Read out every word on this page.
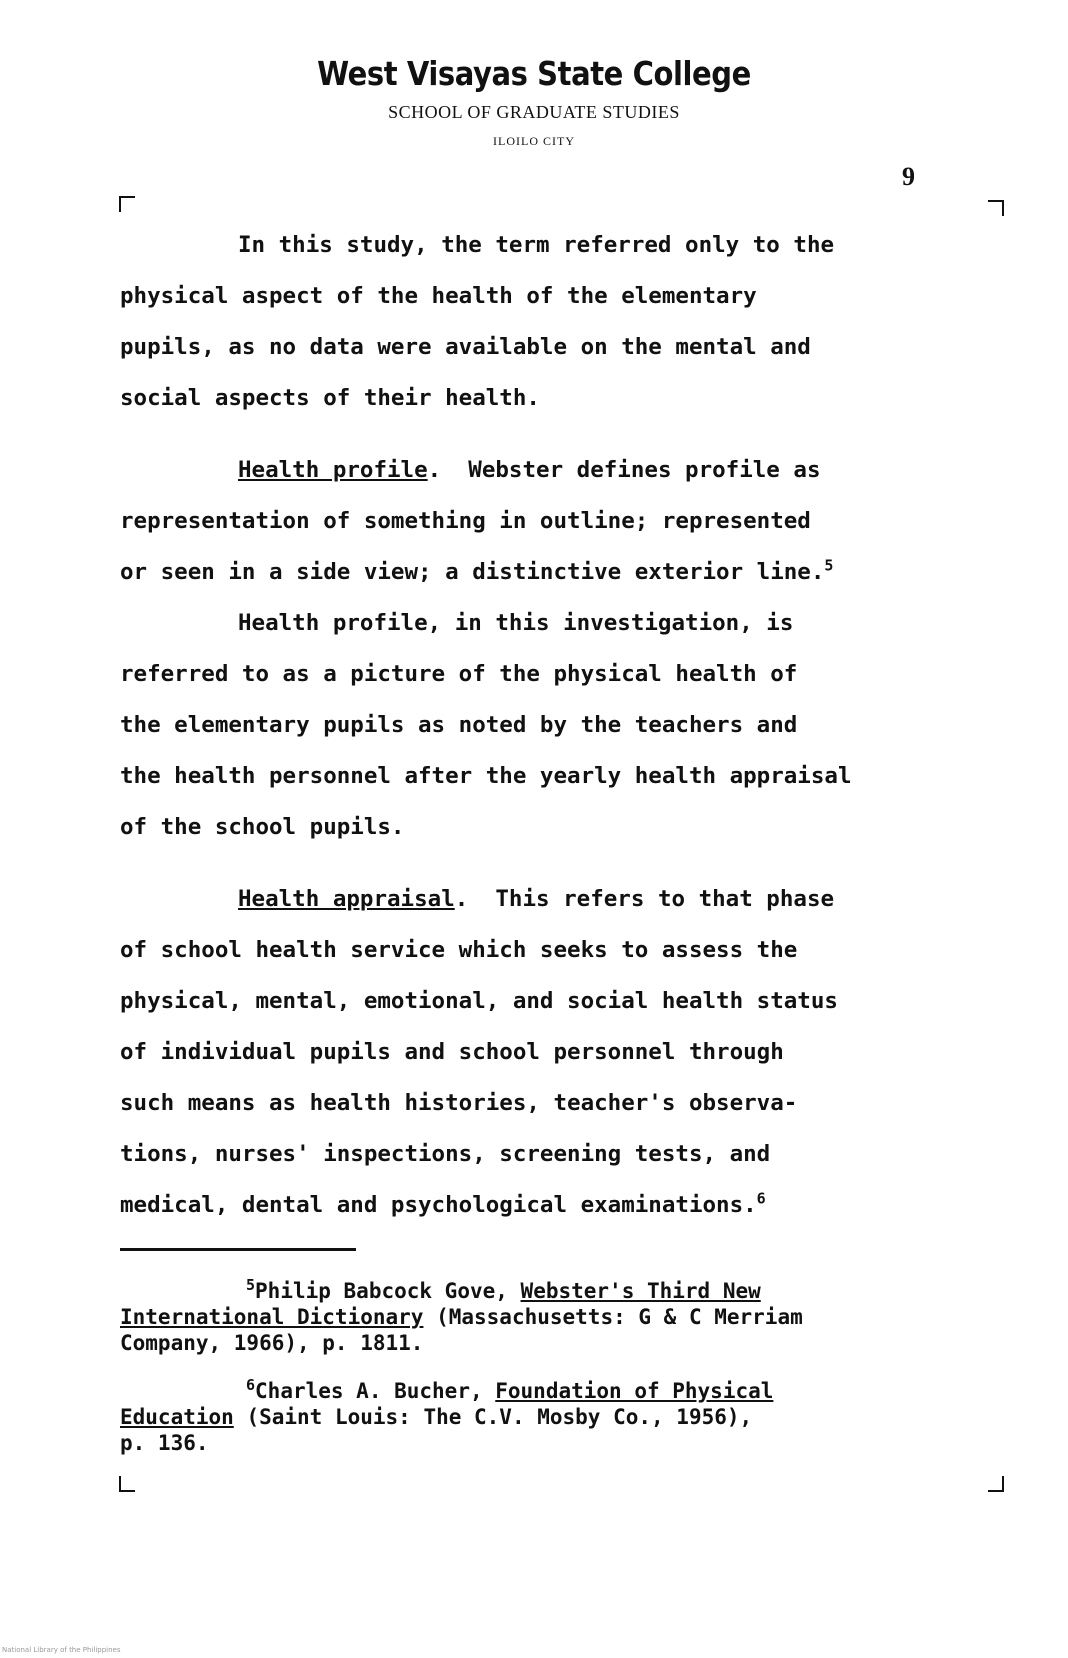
West Visayas State College
SCHOOL OF GRADUATE STUDIES
ILOILO CITY
9
In this study, the term referred only to the
physical aspect of the health of the elementary
pupils, as no data were available on the mental and
social aspects of their health.
Health profile.  Webster defines profile as
representation of something in outline; represented
or seen in a side view; a distinctive exterior line.$^5$
Health profile, in this investigation, is
referred to as a picture of the physical health of
the elementary pupils as noted by the teachers and
the health personnel after the yearly health appraisal
of the school pupils.
Health appraisal.  This refers to that phase
of school health service which seeks to assess the
physical, mental, emotional, and social health status
of individual pupils and school personnel through
such means as health histories, teacher's observa-
tions, nurses' inspections, screening tests, and
medical, dental and psychological examinations.$^6$
$^5$Philip Babcock Gove, Webster's Third New
International Dictionary (Massachusetts: G & C Merriam
Company, 1966), p. 1811.
$^6$Charles A. Bucher, Foundation of Physical
Education (Saint Louis: The C.V. Mosby Co., 1956),
p. 136.
National Library of the Philippines
